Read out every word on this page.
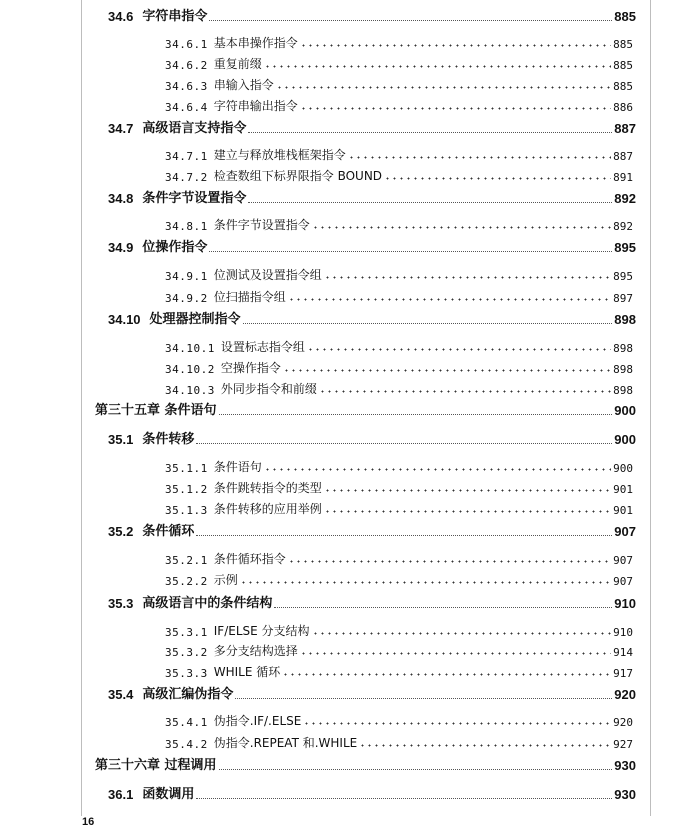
34.6 字符串指令	885
34.6.1 基本串操作指令	885
34.6.2 重复前缀	885
34.6.3 串输入指令	885
34.6.4 字符串输出指令	886
34.7 高级语言支持指令	887
34.7.1 建立与释放堆栈框架指令	887
34.7.2 检查数组下标界限指令 BOUND	891
34.8 条件字节设置指令	892
34.8.1 条件字节设置指令	892
34.9 位操作指令	895
34.9.1 位测试及设置指令组	895
34.9.2 位扫描指令组	897
34.10 处理器控制指令	898
34.10.1 设置标志指令组	898
34.10.2 空操作指令	898
34.10.3 外同步指令和前缀	898
第三十五章 条件语句	900
35.1 条件转移	900
35.1.1 条件语句	900
35.1.2 条件跳转指令的类型	901
35.1.3 条件转移的应用举例	901
35.2 条件循环	907
35.2.1 条件循环指令	907
35.2.2 示例	907
35.3 高级语言中的条件结构	910
35.3.1 IF/ELSE 分支结构	910
35.3.2 多分支结构选择	914
35.3.3 WHILE 循环	917
35.4 高级汇编伪指令	920
35.4.1 伪指令.IF/.ELSE	920
35.4.2 伪指令.REPEAT 和.WHILE	927
第三十六章 过程调用	930
36.1 函数调用	930
16
